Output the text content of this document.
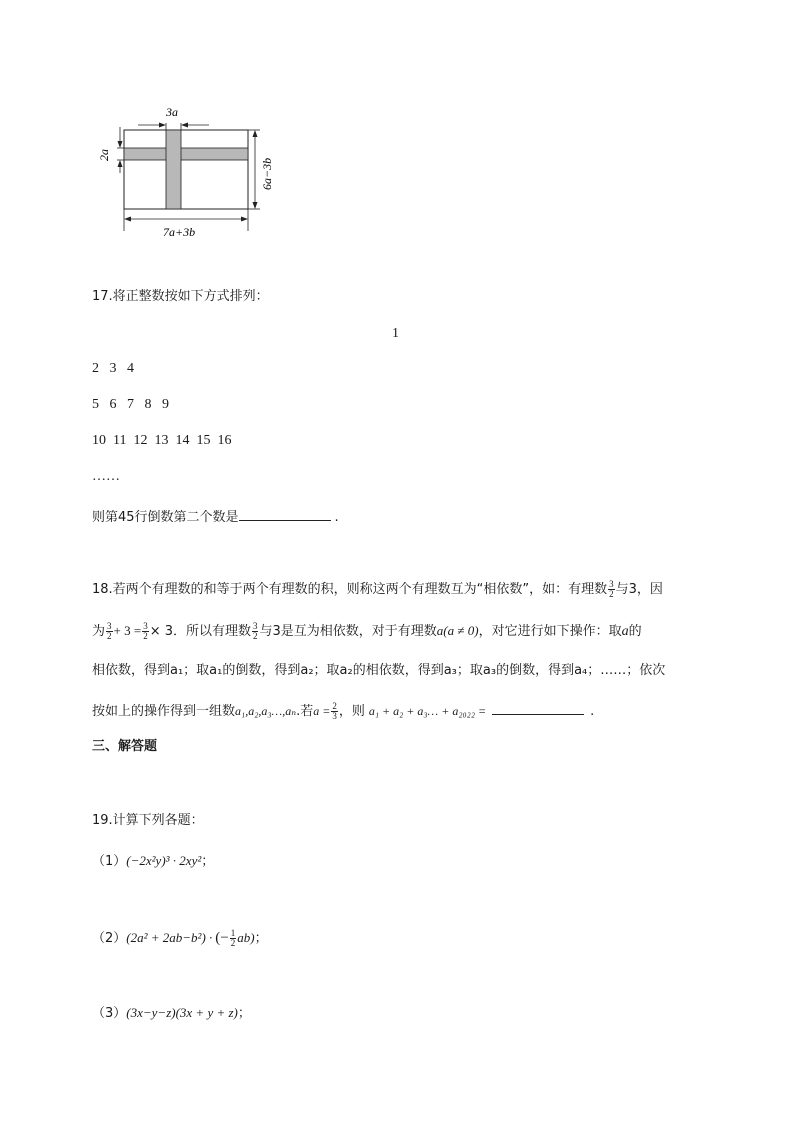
3a
2a
6a−3b
7a+3b
17.将正整数按如下方式排列：
1
2   3   4
5   6   7   8   9
10  11  12  13  14  15  16
……
则第45行倒数第二个数是	.
18.若两个有理数的和等于两个有理数的积，则称这两个有理数互为“相依数”，如：有理数 $\frac{3}{2}$ 与3，因
为 $\frac{3}{2} + 3 = \frac{3}{2} \times 3$．所以有理数 $\frac{3}{2}$ 与3是互为相依数，对于有理数a(a ≠ 0)，对它进行如下操作：取a的
相依数，得到a₁；取a₁的倒数，得到a₂；取a₂的相依数，得到a₃；取a₃的倒数，得到a₄；……；依次
按如上的操作得到一组数a₁,a₂,a₃…,aₙ.若$a = \frac{2}{3}$ ，则 a₁ + a₂ + a₃… + a₂₀₂₂ =	.
三、解答题
19.计算下列各题：
（1）(−2x²y)³ · 2xy²；
（2）(2a² + 2ab−b²) · (− $\frac{1}{2} ab$)；
（3）(3x−y−z)(3x + y + z)；
